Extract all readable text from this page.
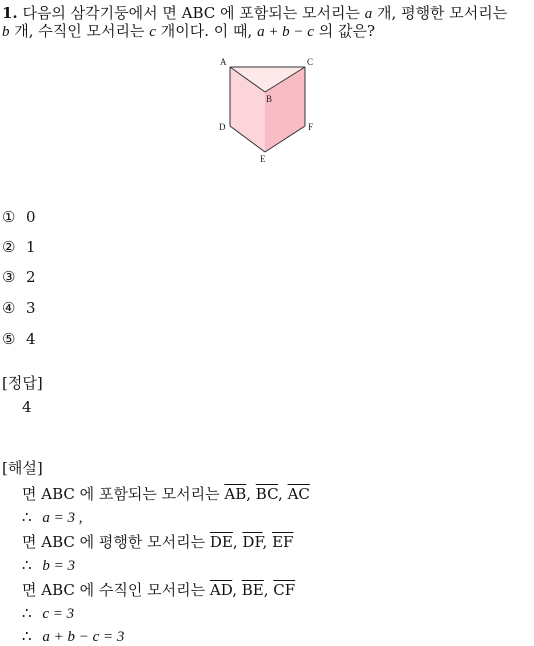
1. 다음의 삼각기둥에서 면 ABC 에 포함되는 모서리는 a 개, 평행한 모서리는
b 개, 수직인 모서리는 c 개이다. 이 때, a + b − c 의 값은?
A
B
C
D
E
F
① 0
② 1
③ 2
④ 3
⑤ 4
[정답]
4
[해설]
면 ABC 에 포함되는 모서리는 $\overline{AB}$, $\overline{BC}$, $\overline{AC}$
∴ a = 3 ,
면 ABC 에 평행한 모서리는 $\overline{DE}$, $\overline{DF}$, $\overline{EF}$
∴ b = 3
면 ABC 에 수직인 모서리는 $\overline{AD}$, $\overline{BE}$, $\overline{CF}$
∴ c = 3
∴ a + b − c = 3
